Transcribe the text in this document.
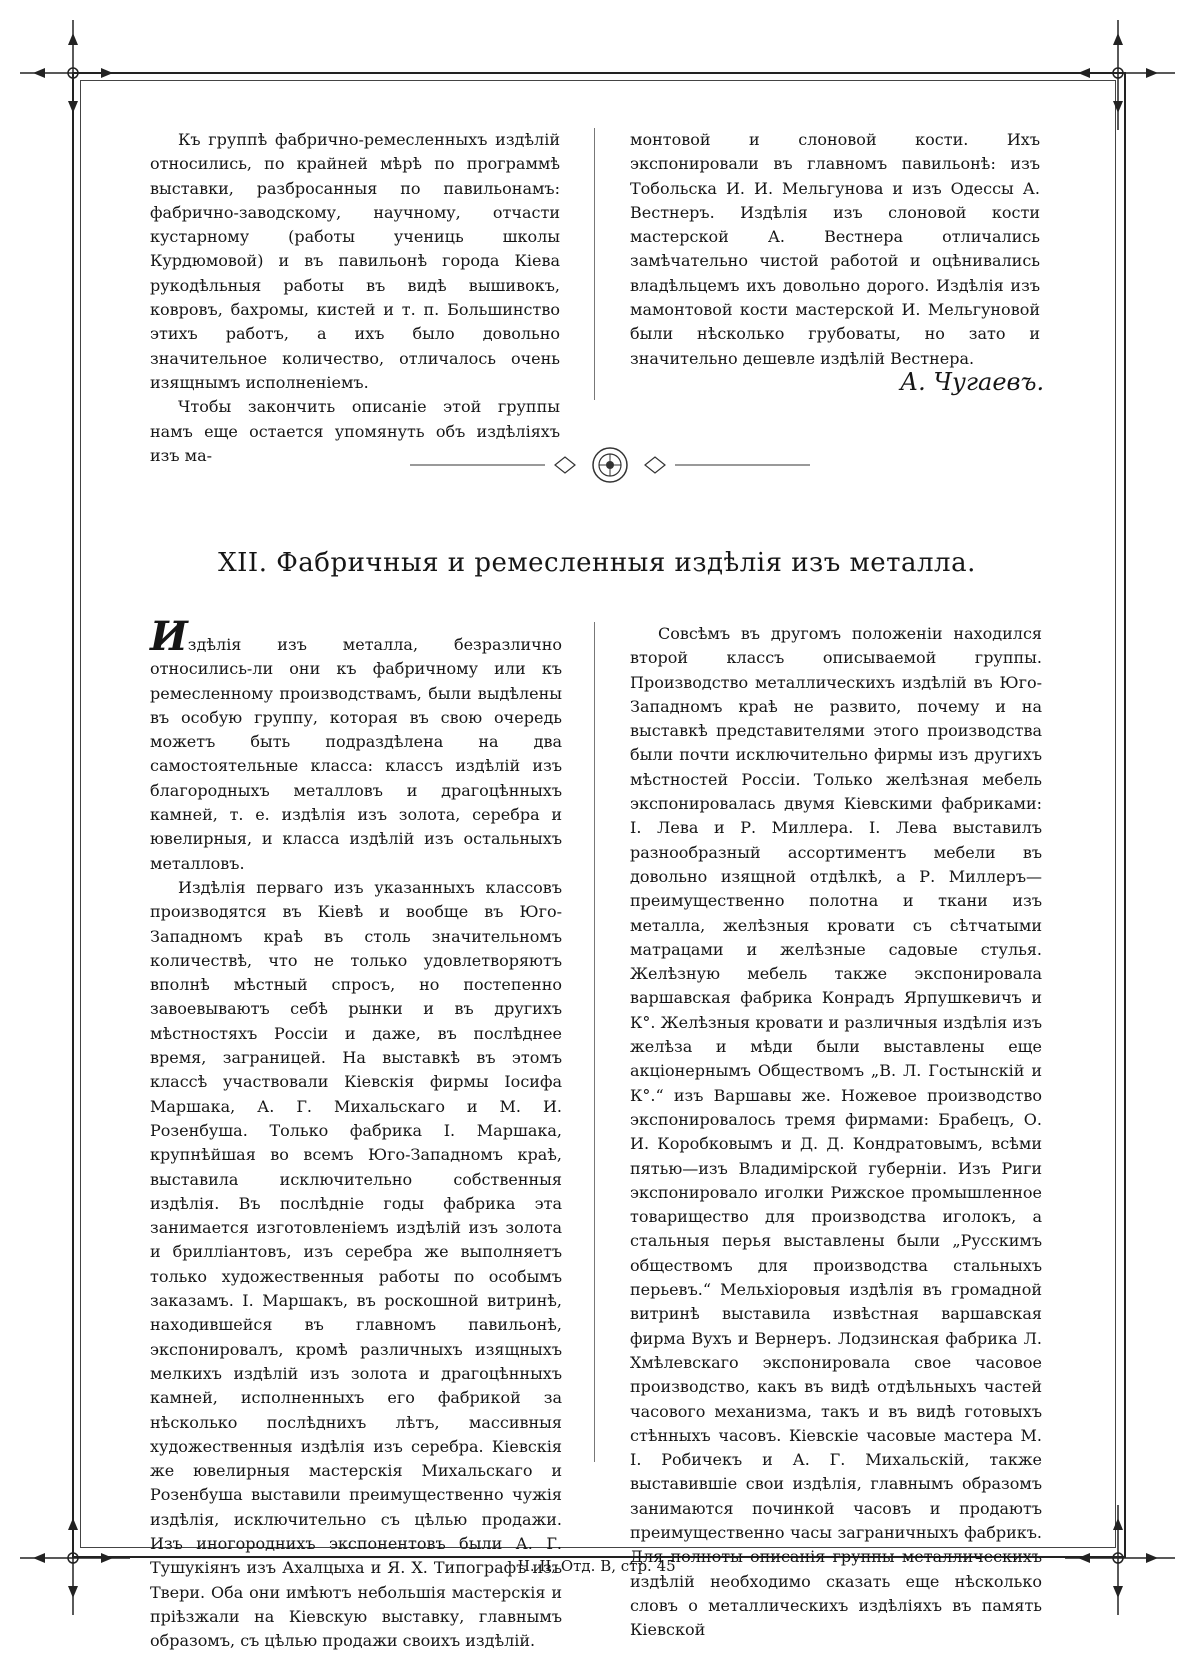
Къ группѣ фабрично-ремесленныхъ издѣлій относились, по крайней мѣрѣ по программѣ выставки, разбросанныя по павильонамъ: фабрично-заводскому, научному, отчасти кустарному (работы учениць школы Курдюмовой) и въ павильонѣ города Кіева рукодѣльныя работы въ видѣ вышивокъ, ковровъ, бахромы, кистей и т. п. Большинство этихъ работъ, а ихъ было довольно значительное количество, отличалось очень изящнымъ исполненіемъ.

Чтобы закончить описаніе этой группы намъ еще остается упомянуть объ издѣліяхъ изъ ма-

монтовой и слоновой кости. Ихъ экспонировали въ главномъ павильонѣ: изъ Тобольска И. И. Мельгунова и изъ Одессы А. Вестнеръ. Издѣлія изъ слоновой кости мастерской А. Вестнера отличались замѣчательно чистой работой и оцѣнивались владѣльцемъ ихъ довольно дорого. Издѣлія изъ мамонтовой кости мастерской И. Мельгуновой были нѣсколько грубоваты, но зато и значительно дешевле издѣлій Вестнера.

А. Чугаевъ.
XII. Фабричныя и ремесленныя издѣлія изъ металла.

Издѣлія изъ металла, безразлично относились-ли они къ фабричному или къ ремесленному производствамъ, были выдѣлены въ особую группу, которая въ свою очередь можетъ быть подраздѣлена на два самостоятельные класса: классъ издѣлій изъ благородныхъ металловъ и драгоцѣнныхъ камней, т. е. издѣлія изъ золота, серебра и ювелирныя, и класса издѣлій изъ остальныхъ металловъ.

Издѣлія перваго изъ указанныхъ классовъ производятся въ Кіевѣ и вообще въ Юго-Западномъ краѣ въ столь значительномъ количествѣ, что не только удовлетворяютъ вполнѣ мѣстный спросъ, но постепенно завоевываютъ себѣ рынки и въ другихъ мѣстностяхъ Россіи и даже, въ послѣднее время, заграницей. На выставкѣ въ этомъ классѣ участвовали Кіевскія фирмы Іосифа Маршака, А. Г. Михальскаго и М. И. Розенбуша. Только фабрика І. Маршака, крупнѣйшая во всемъ Юго-Западномъ краѣ, выставила исключительно собственныя издѣлія. Въ послѣдніе годы фабрика эта занимается изготовленіемъ издѣлій изъ золота и брилліантовъ, изъ серебра же выполняетъ только художественныя работы по особымъ заказамъ. І. Маршакъ, въ роскошной витринѣ, находившейся въ главномъ павильонѣ, экспонировалъ, кромѣ различныхъ изящныхъ мелкихъ издѣлій изъ золота и драгоцѣнныхъ камней, исполненныхъ его фабрикой за нѣсколько послѣднихъ лѣтъ, массивныя художественныя издѣлія изъ серебра. Кіевскія же ювелирныя мастерскія Михальскаго и Розенбуша выставили преимущественно чужія издѣлія, исключительно съ цѣлью продажи. Изъ иногороднихъ экспонентовъ были А. Г. Тушукіянъ изъ Ахалцыха и Я. Х. Типографъ изъ Твери. Оба они имѣютъ небольшія мастерскія и пріѣзжали на Кіевскую выставку, главнымъ образомъ, съ цѣлью продажи своихъ издѣлій.

Совсѣмъ въ другомъ положеніи находился второй классъ описываемой группы. Производство металлическихъ издѣлій въ Юго-Западномъ краѣ не развито, почему и на выставкѣ представителями этого производства были почти исключительно фирмы изъ другихъ мѣстностей Россіи. Только желѣзная мебель экспонировалась двумя Кіевскими фабриками: І. Лева и Р. Миллера. І. Лева выставилъ разнообразный ассортиментъ мебели въ довольно изящной отдѣлкѣ, а Р. Миллеръ— преимущественно полотна и ткани изъ металла, желѣзныя кровати съ сѣтчатыми матрацами и желѣзные садовые стулья. Желѣзную мебель также экспонировала варшавская фабрика Конрадъ Ярпушкевичъ и К°. Желѣзныя кровати и различныя издѣлія изъ желѣза и мѣди были выставлены еще акціонернымъ Обществомъ „В. Л. Гостынскій и К°.“ изъ Варшавы же. Ножевое производство экспонировалось тремя фирмами: Брабецъ, О. И. Коробковымъ и Д. Д. Кондратовымъ, всѣми пятью—изъ Владимірской губерніи. Изъ Риги экспонировало иголки Рижское промышленное товарищество для производства иголокъ, а стальныя перья выставлены были „Русскимъ обществомъ для производства стальныхъ перьевъ.“ Мельхіоровыя издѣлія въ громадной витринѣ выставила извѣстная варшавская фирма Вухъ и Вернеръ. Лодзинская фабрика Л. Хмѣлевскаго экспонировала свое часовое производство, какъ въ видѣ отдѣльныхъ частей часового механизма, такъ и въ видѣ готовыхъ стѣнныхъ часовъ. Кіевскіе часовые мастера М. І. Робичекъ и А. Г. Михальскій, также выставившіе свои издѣлія, главнымъ образомъ занимаются починкой часовъ и продаютъ преимущественно часы заграничныхъ фабрикъ. Для полноты описанія группы металлическихъ издѣлій необходимо сказать еще нѣсколько словъ о металлическихъ издѣліяхъ въ память Кіевской

Ч. II, Отд. В, стр. 45
